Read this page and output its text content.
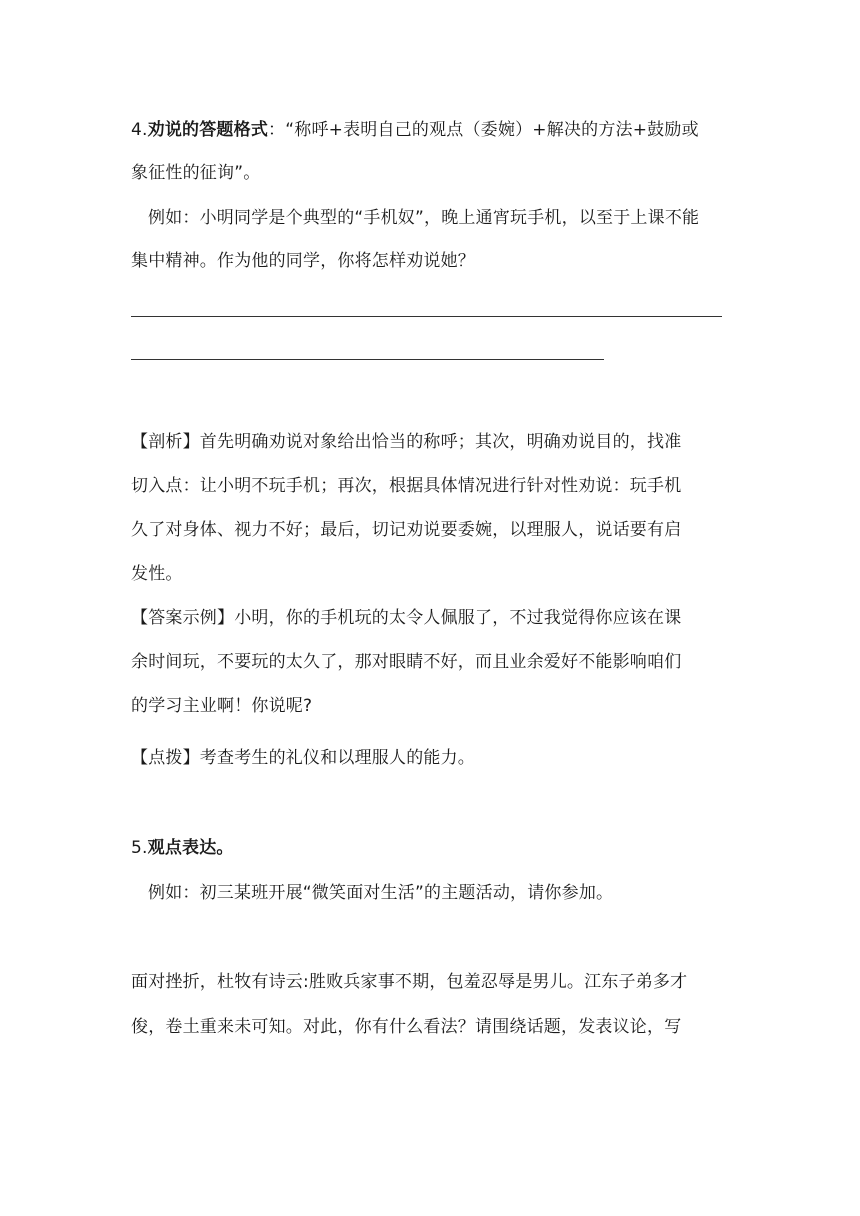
4.劝说的答题格式：“称呼+表明自己的观点（委婉）+解决的方法+鼓励或
象征性的征询”。
例如：小明同学是个典型的“手机奴”，晚上通宵玩手机，以至于上课不能
集中精神。作为他的同学，你将怎样劝说她？
【剖析】首先明确劝说对象给出恰当的称呼；其次，明确劝说目的，找准
切入点：让小明不玩手机；再次，根据具体情况进行针对性劝说：玩手机
久了对身体、视力不好；最后，切记劝说要委婉，以理服人，说话要有启
发性。
【答案示例】小明，你的手机玩的太令人佩服了，不过我觉得你应该在课
余时间玩，不要玩的太久了，那对眼睛不好，而且业余爱好不能影响咱们
的学习主业啊！你说呢?
【点拨】考查考生的礼仪和以理服人的能力。
5.观点表达。
例如：初三某班开展“微笑面对生活”的主题活动，请你参加。
面对挫折，杜牧有诗云:胜败兵家事不期，包羞忍辱是男儿。江东子弟多才
俊，卷土重来未可知。对此，你有什么看法？请围绕话题，发表议论，写
